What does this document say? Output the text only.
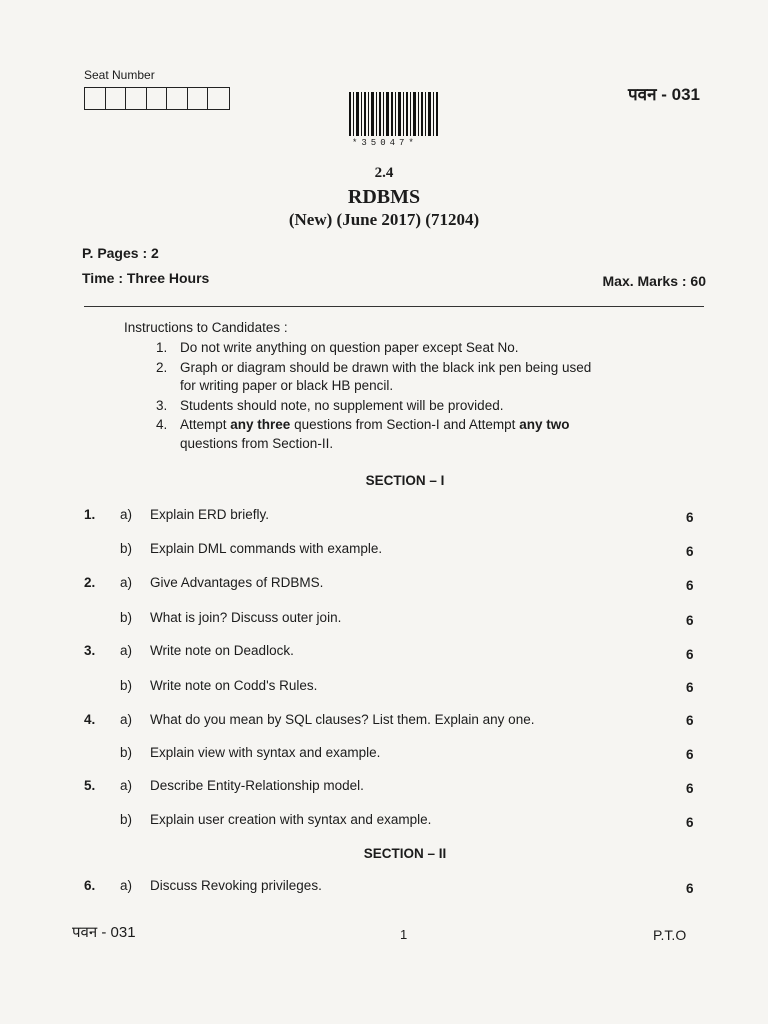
Seat Number
पवन - 031
*35047*
2.4
RDBMS
(New) (June 2017) (71204)
P. Pages : 2
Time : Three Hours	Max. Marks : 60
Instructions to Candidates :
1. Do not write anything on question paper except Seat No.
2. Graph or diagram should be drawn with the black ink pen being used
for writing paper or black HB pencil.
3. Students should note, no supplement will be provided.
4. Attempt any three questions from Section-I and Attempt any two
questions from Section-II.
SECTION – I
1. a) Explain ERD briefly.	6
b) Explain DML commands with example.	6
2. a) Give Advantages of RDBMS.	6
b) What is join? Discuss outer join.	6
3. a) Write note on Deadlock.	6
b) Write note on Codd's Rules.	6
4. a) What do you mean by SQL clauses? List them. Explain any one.	6
b) Explain view with syntax and example.	6
5. a) Describe Entity-Relationship model.	6
b) Explain user creation with syntax and example.	6
SECTION – II
6. a) Discuss Revoking privileges.	6
पवन - 031	1	P.T.O
